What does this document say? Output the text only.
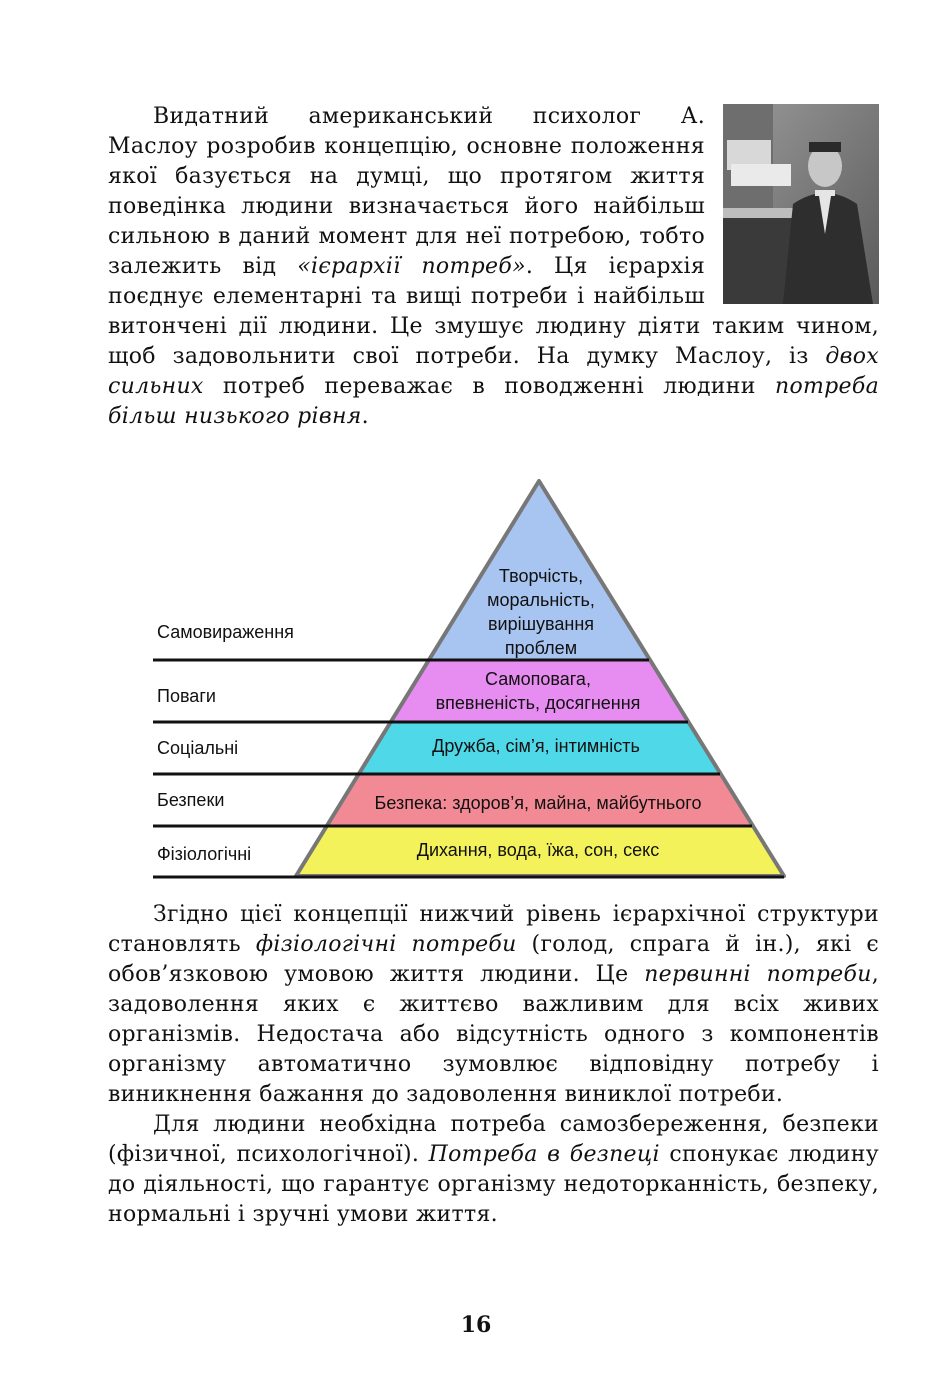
Видатний американський психолог А. Маслоу розробив концепцію, основне положення якої базується на думці, що протягом життя поведінка людини визначається його найбільш сильною в даний момент для неї потребою, тобто залежить від «ієрархії потреб». Ця ієрархія поєднує елементарні та вищі потреби і найбільш витончені дії людини. Це змушує людину діяти таким чином, щоб задовольнити свої потреби. На думку Маслоу, із двох сильних потреб переважає в поводженні людини потреба більш низького рівня.

Самовираження
Поваги
Соціальні
Безпеки
Фізіологічні
Творчість,
моральність,
вирішування
проблем
Самоповага,
впевненість, досягнення
Дружба, сім’я, інтимність
Безпека: здоров’я, майна, майбутнього
Дихання, вода, їжа, сон, секс

Згідно цієї концепції нижчий рівень ієрархічної структури становлять фізіологічні потреби (голод, спрага й ін.), які є обов’язковою умовою життя людини. Це первинні потреби, задоволення яких є життєво важливим для всіх живих організмів. Недостача або відсутність одного з компонентів організму автоматично зумовлює відповідну потребу і виникнення бажання до задоволення виниклої потреби.

Для людини необхідна потреба самозбереження, безпеки (фізичної, психологічної). Потреба в безпеці спонукає людину до діяльності, що гарантує організму недоторканність, безпеку, нормальні і зручні умови життя.

16
